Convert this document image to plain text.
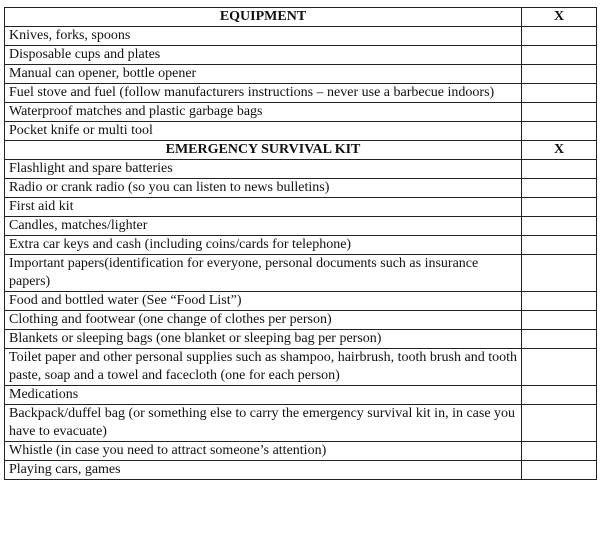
EQUIPMENT	X
Knives, forks, spoons	
Disposable cups and plates	
Manual can opener, bottle opener	
Fuel stove and fuel (follow manufacturers instructions – never use a barbecue indoors)	
Waterproof matches and plastic garbage bags	
Pocket knife or multi tool	
EMERGENCY SURVIVAL KIT	X
Flashlight and spare batteries	
Radio or crank radio (so you can listen to news bulletins)	
First aid kit	
Candles, matches/lighter	
Extra car keys and cash (including coins/cards for telephone)	
Important papers(identification for everyone, personal documents such as insurance papers)	
Food and bottled water (See “Food List”)	
Clothing and footwear (one change of clothes per person)	
Blankets or sleeping bags (one blanket or sleeping bag per person)	
Toilet paper and other personal supplies such as shampoo, hairbrush, tooth brush and tooth paste, soap and a towel and facecloth (one for each person)	
Medications	
Backpack/duffel bag (or something else to carry the emergency survival kit in, in case you have to evacuate)	
Whistle (in case you need to attract someone’s attention)	
Playing cars, games	
